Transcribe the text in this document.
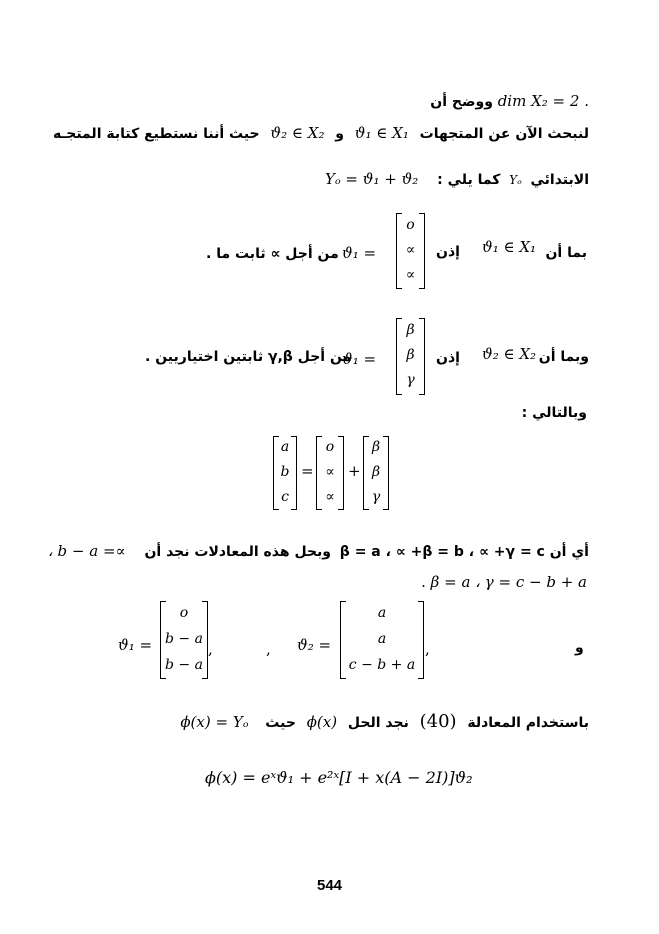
ووضح أن dim X₂ = 2 .
لنبحث الآن عن المتجهات ϑ₁ ∈ X₁ و ϑ₂ ∈ X₂ حيث أننا نستطيع كتابة المتجـه
الابتدائي Yₒ كما يلي : Yₒ = ϑ₁ + ϑ₂
بما أن
ϑ₁ ∈ X₁
إذن
o
∝
∝
ϑ₁ =
من أجل ∝ ثابت ما .
وبما أن
ϑ₂ ∈ X₂
إذن
β
β
γ
ϑ₁ =
من أجل γ,β ثابتين اختياريين .
وبالتالي :
a
b
c
=
o
∝
∝
+
β
β
γ
أي أن β = a ، ∝ +β = b ، ∝ +γ = c وبحل هذه المعادلات نجد أن ∝= b − a ،
β = a ، γ = c − b + a .
و
ϑ₁ =
o
b − a
b − a
,	, ϑ₂ =
a
a
c − b + a
,
باستخدام المعادلة (40) نجد الحل ϕ(x) حيث ϕ(x) = Yₒ
ϕ(x) = eˣϑ₁ + e²ˣ[I + x(A − 2I)]ϑ₂
544
